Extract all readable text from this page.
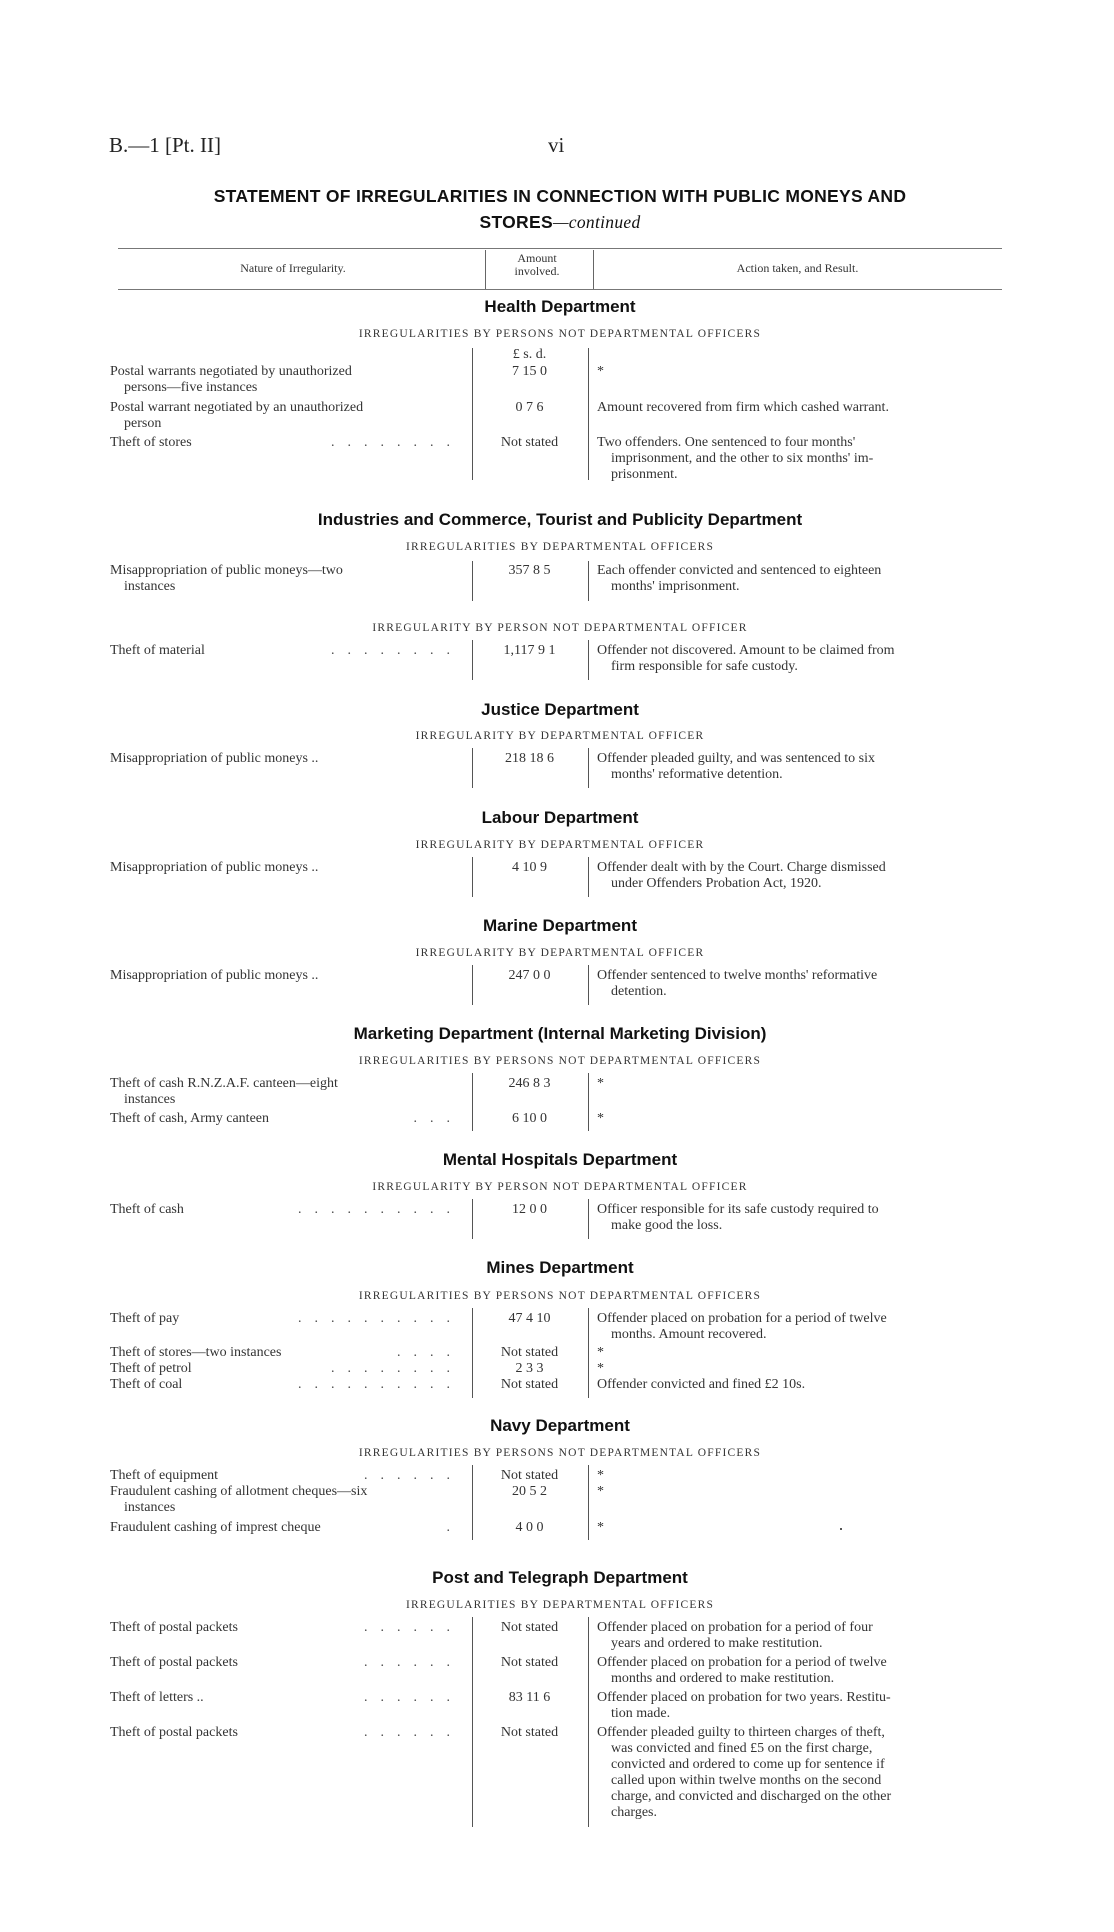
B.—1 [Pt. II]	vi
STATEMENT OF IRREGULARITIES IN CONNECTION WITH PUBLIC MONEYS AND
STORES—continued
Nature of Irregularity.
Amount
involved.	Action taken, and Result.
Health Department
IRREGULARITIES BY PERSONS NOT DEPARTMENTAL OFFICERS
£ s. d.
Postal warrants negotiated by unauthorized
persons—five instances
7 15 0	*
Postal warrant negotiated by an unauthorized
person
0 7 6	Amount recovered from firm which cashed warrant.
Theft of stores	........	Not stated	Two offenders. One sentenced to four months'
imprisonment, and the other to six months' im-
prisonment.
Industries and Commerce, Tourist and Publicity Department
IRREGULARITIES BY DEPARTMENTAL OFFICERS
Misappropriation of public moneys—two
instances
357 8 5	Each offender convicted and sentenced to eighteen
months' imprisonment.
IRREGULARITY BY PERSON NOT DEPARTMENTAL OFFICER
Theft of material	........	1,117 9 1	Offender not discovered. Amount to be claimed from
firm responsible for safe custody.
Justice Department
IRREGULARITY BY DEPARTMENTAL OFFICER
Misappropriation of public moneys ..	218 18 6	Offender pleaded guilty, and was sentenced to six
months' reformative detention.
Labour Department
IRREGULARITY BY DEPARTMENTAL OFFICER
Misappropriation of public moneys ..	4 10 9	Offender dealt with by the Court. Charge dismissed
under Offenders Probation Act, 1920.
Marine Department
IRREGULARITY BY DEPARTMENTAL OFFICER
Misappropriation of public moneys ..	247 0 0	Offender sentenced to twelve months' reformative
detention.
Marketing Department (Internal Marketing Division)
IRREGULARITIES BY PERSONS NOT DEPARTMENTAL OFFICERS
Theft of cash R.N.Z.A.F. canteen—eight
instances
246 8 3	*
Theft of cash, Army canteen	...	6 10 0	*
Mental Hospitals Department
IRREGULARITY BY PERSON NOT DEPARTMENTAL OFFICER
Theft of cash	..........	12 0 0	Officer responsible for its safe custody required to
make good the loss.
Mines Department
IRREGULARITIES BY PERSONS NOT DEPARTMENTAL OFFICERS
Theft of pay	..........	47 4 10	Offender placed on probation for a period of twelve
months. Amount recovered.
Theft of stores—two instances	....	Not stated	*
Theft of petrol	........	2 3 3	*
Theft of coal	..........	Not stated	Offender convicted and fined £2 10s.
Navy Department
IRREGULARITIES BY PERSONS NOT DEPARTMENTAL OFFICERS
Theft of equipment	......	Not stated	*
Fraudulent cashing of allotment cheques—six
instances
20 5 2	*
Fraudulent cashing of imprest cheque	.	4 0 0	*
Post and Telegraph Department
IRREGULARITIES BY DEPARTMENTAL OFFICERS
Theft of postal packets	......	Not stated	Offender placed on probation for a period of four
years and ordered to make restitution.
Theft of postal packets	......	Not stated	Offender placed on probation for a period of twelve
months and ordered to make restitution.
Theft of letters ..	......	83 11 6	Offender placed on probation for two years. Restitu-
tion made.
Theft of postal packets	......	Not stated	Offender pleaded guilty to thirteen charges of theft,
was convicted and fined £5 on the first charge,
convicted and ordered to come up for sentence if
called upon within twelve months on the second
charge, and convicted and discharged on the other
charges.
